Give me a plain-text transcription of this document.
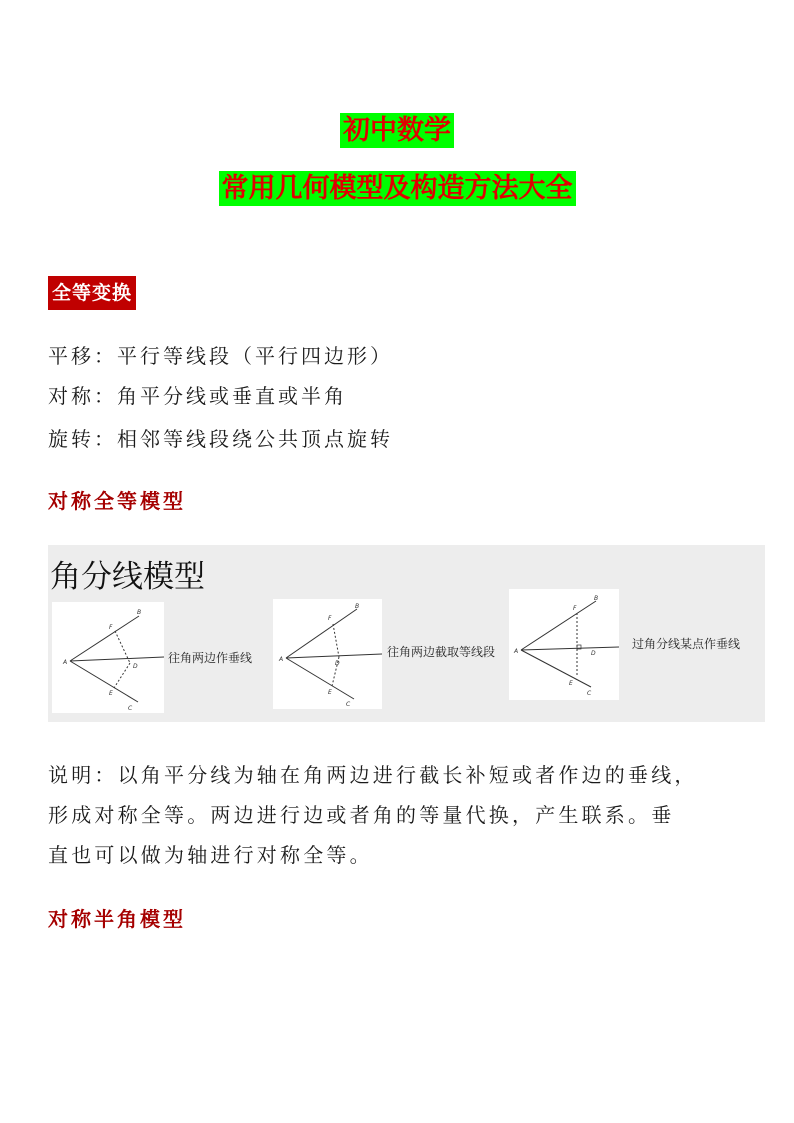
初中数学
常用几何模型及构造方法大全
全等变换
平移：平行等线段（平行四边形）
对称：角平分线或垂直或半角
旋转：相邻等线段绕公共顶点旋转
对称全等模型
角分线模型
A
B
C
D
E
F
往角两边作垂线	A
B
C
D
E
F
往角两边截取等线段	A
B
C
D
E
F
过角分线某点作垂线
说明：以角平分线为轴在角两边进行截长补短或者作边的垂线，
形成对称全等。两边进行边或者角的等量代换，产生联系。垂
直也可以做为轴进行对称全等。
对称半角模型
